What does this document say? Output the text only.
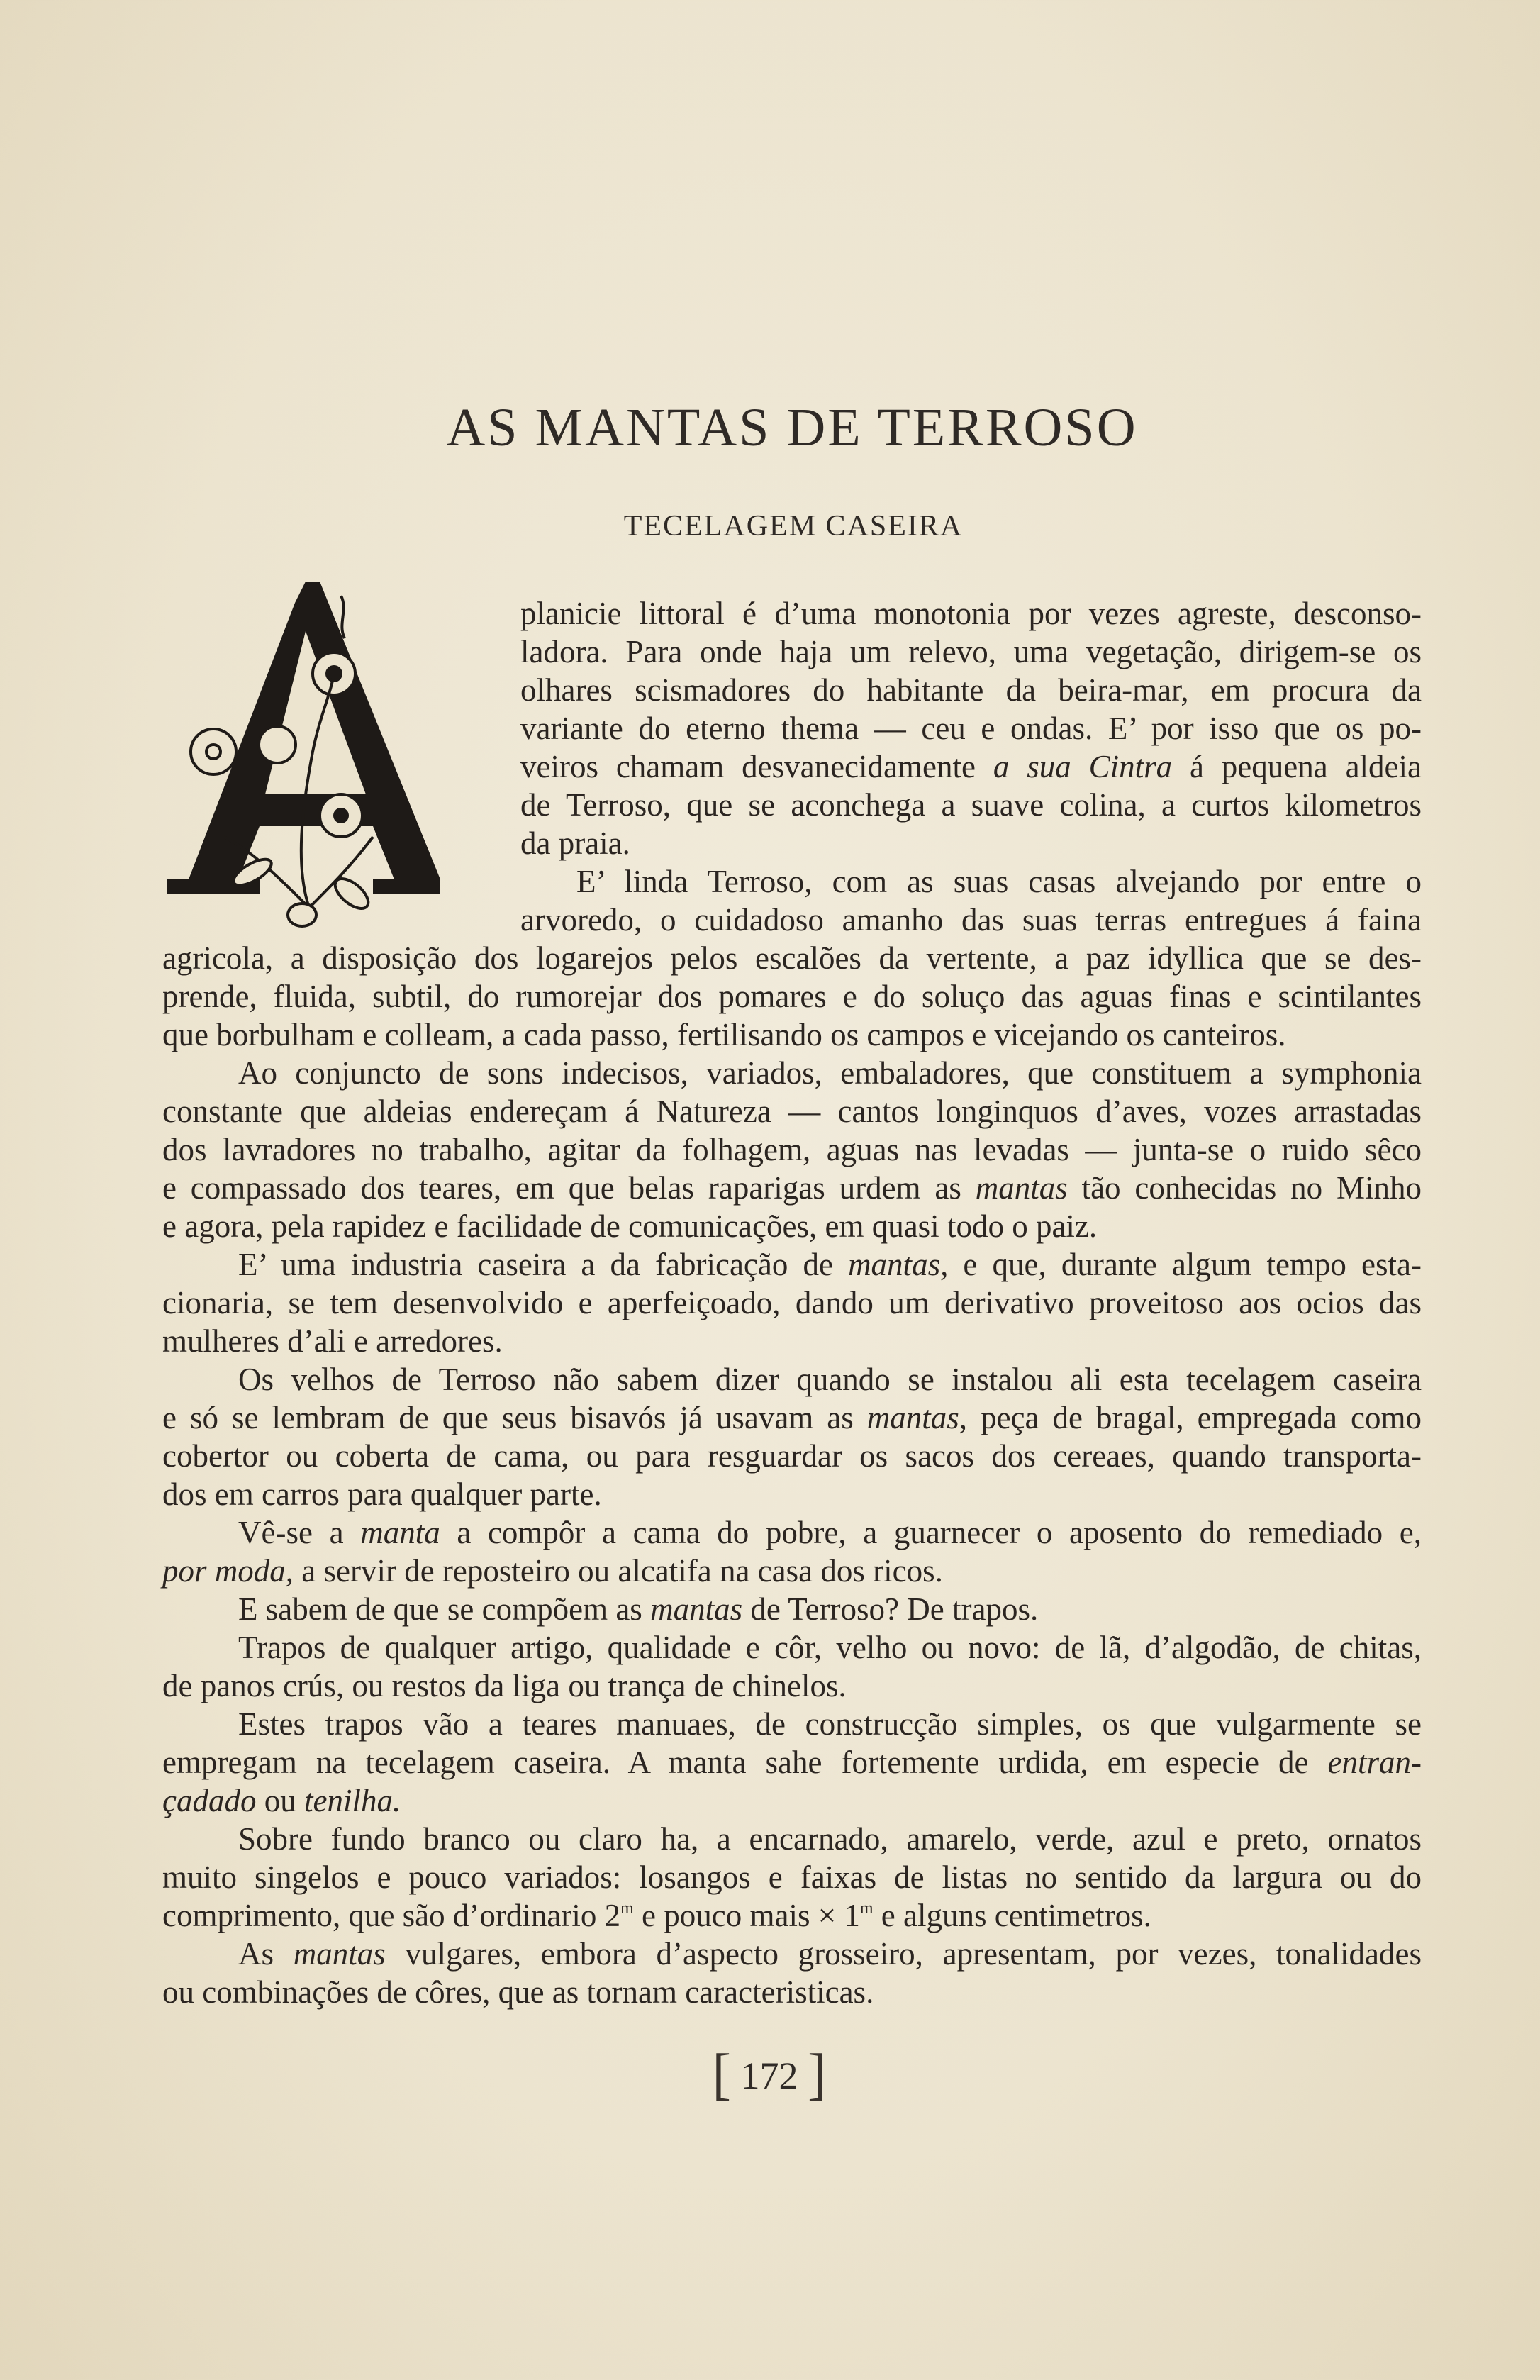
AS MANTAS DE TERROSO
TECELAGEM CASEIRA
planicie littoral é d’uma monotonia por vezes agreste, desconso-
ladora. Para onde haja um relevo, uma vegetação, dirigem-se os
olhares scismadores do habitante da beira-mar, em procura da
variante do eterno thema — ceu e ondas. E’ por isso que os po-
veiros chamam desvanecidamente a sua Cintra á pequena aldeia
de Terroso, que se aconchega a suave colina, a curtos kilometros
da praia.
E’ linda Terroso, com as suas casas alvejando por entre o
arvoredo, o cuidadoso amanho das suas terras entregues á faina
agricola, a disposição dos logarejos pelos escalões da vertente, a paz idyllica que se des-
prende, fluida, subtil, do rumorejar dos pomares e do soluço das aguas finas e scintilantes
que borbulham e colleam, a cada passo, fertilisando os campos e vicejando os canteiros.
Ao conjuncto de sons indecisos, variados, embaladores, que constituem a symphonia
constante que aldeias endereçam á Natureza — cantos longinquos d’aves, vozes arrastadas
dos lavradores no trabalho, agitar da folhagem, aguas nas levadas — junta-se o ruido sêco
e compassado dos teares, em que belas raparigas urdem as mantas tão conhecidas no Minho
e agora, pela rapidez e facilidade de comunicações, em quasi todo o paiz.
E’ uma industria caseira a da fabricação de mantas, e que, durante algum tempo esta-
cionaria, se tem desenvolvido e aperfeiçoado, dando um derivativo proveitoso aos ocios das
mulheres d’ali e arredores.
Os velhos de Terroso não sabem dizer quando se instalou ali esta tecelagem caseira
e só se lembram de que seus bisavós já usavam as mantas, peça de bragal, empregada como
cobertor ou coberta de cama, ou para resguardar os sacos dos cereaes, quando transporta-
dos em carros para qualquer parte.
Vê-se a manta a compôr a cama do pobre, a guarnecer o aposento do remediado e,
por moda, a servir de reposteiro ou alcatifa na casa dos ricos.
E sabem de que se compõem as mantas de Terroso? De trapos.
Trapos de qualquer artigo, qualidade e côr, velho ou novo: de lã, d’algodão, de chitas,
de panos crús, ou restos da liga ou trança de chinelos.
Estes trapos vão a teares manuaes, de construcção simples, os que vulgarmente se
empregam na tecelagem caseira. A manta sahe fortemente urdida, em especie de entran-
çadado ou tenilha.
Sobre fundo branco ou claro ha, a encarnado, amarelo, verde, azul e preto, ornatos
muito singelos e pouco variados: losangos e faixas de listas no sentido da largura ou do
comprimento, que são d’ordinario 2$^m$ e pouco mais × $1^m$ e alguns centimetros.
As mantas vulgares, embora d’aspecto grosseiro, apresentam, por vezes, tonalidades
ou combinações de côres, que as tornam caracteristicas.
[ 172 ]
